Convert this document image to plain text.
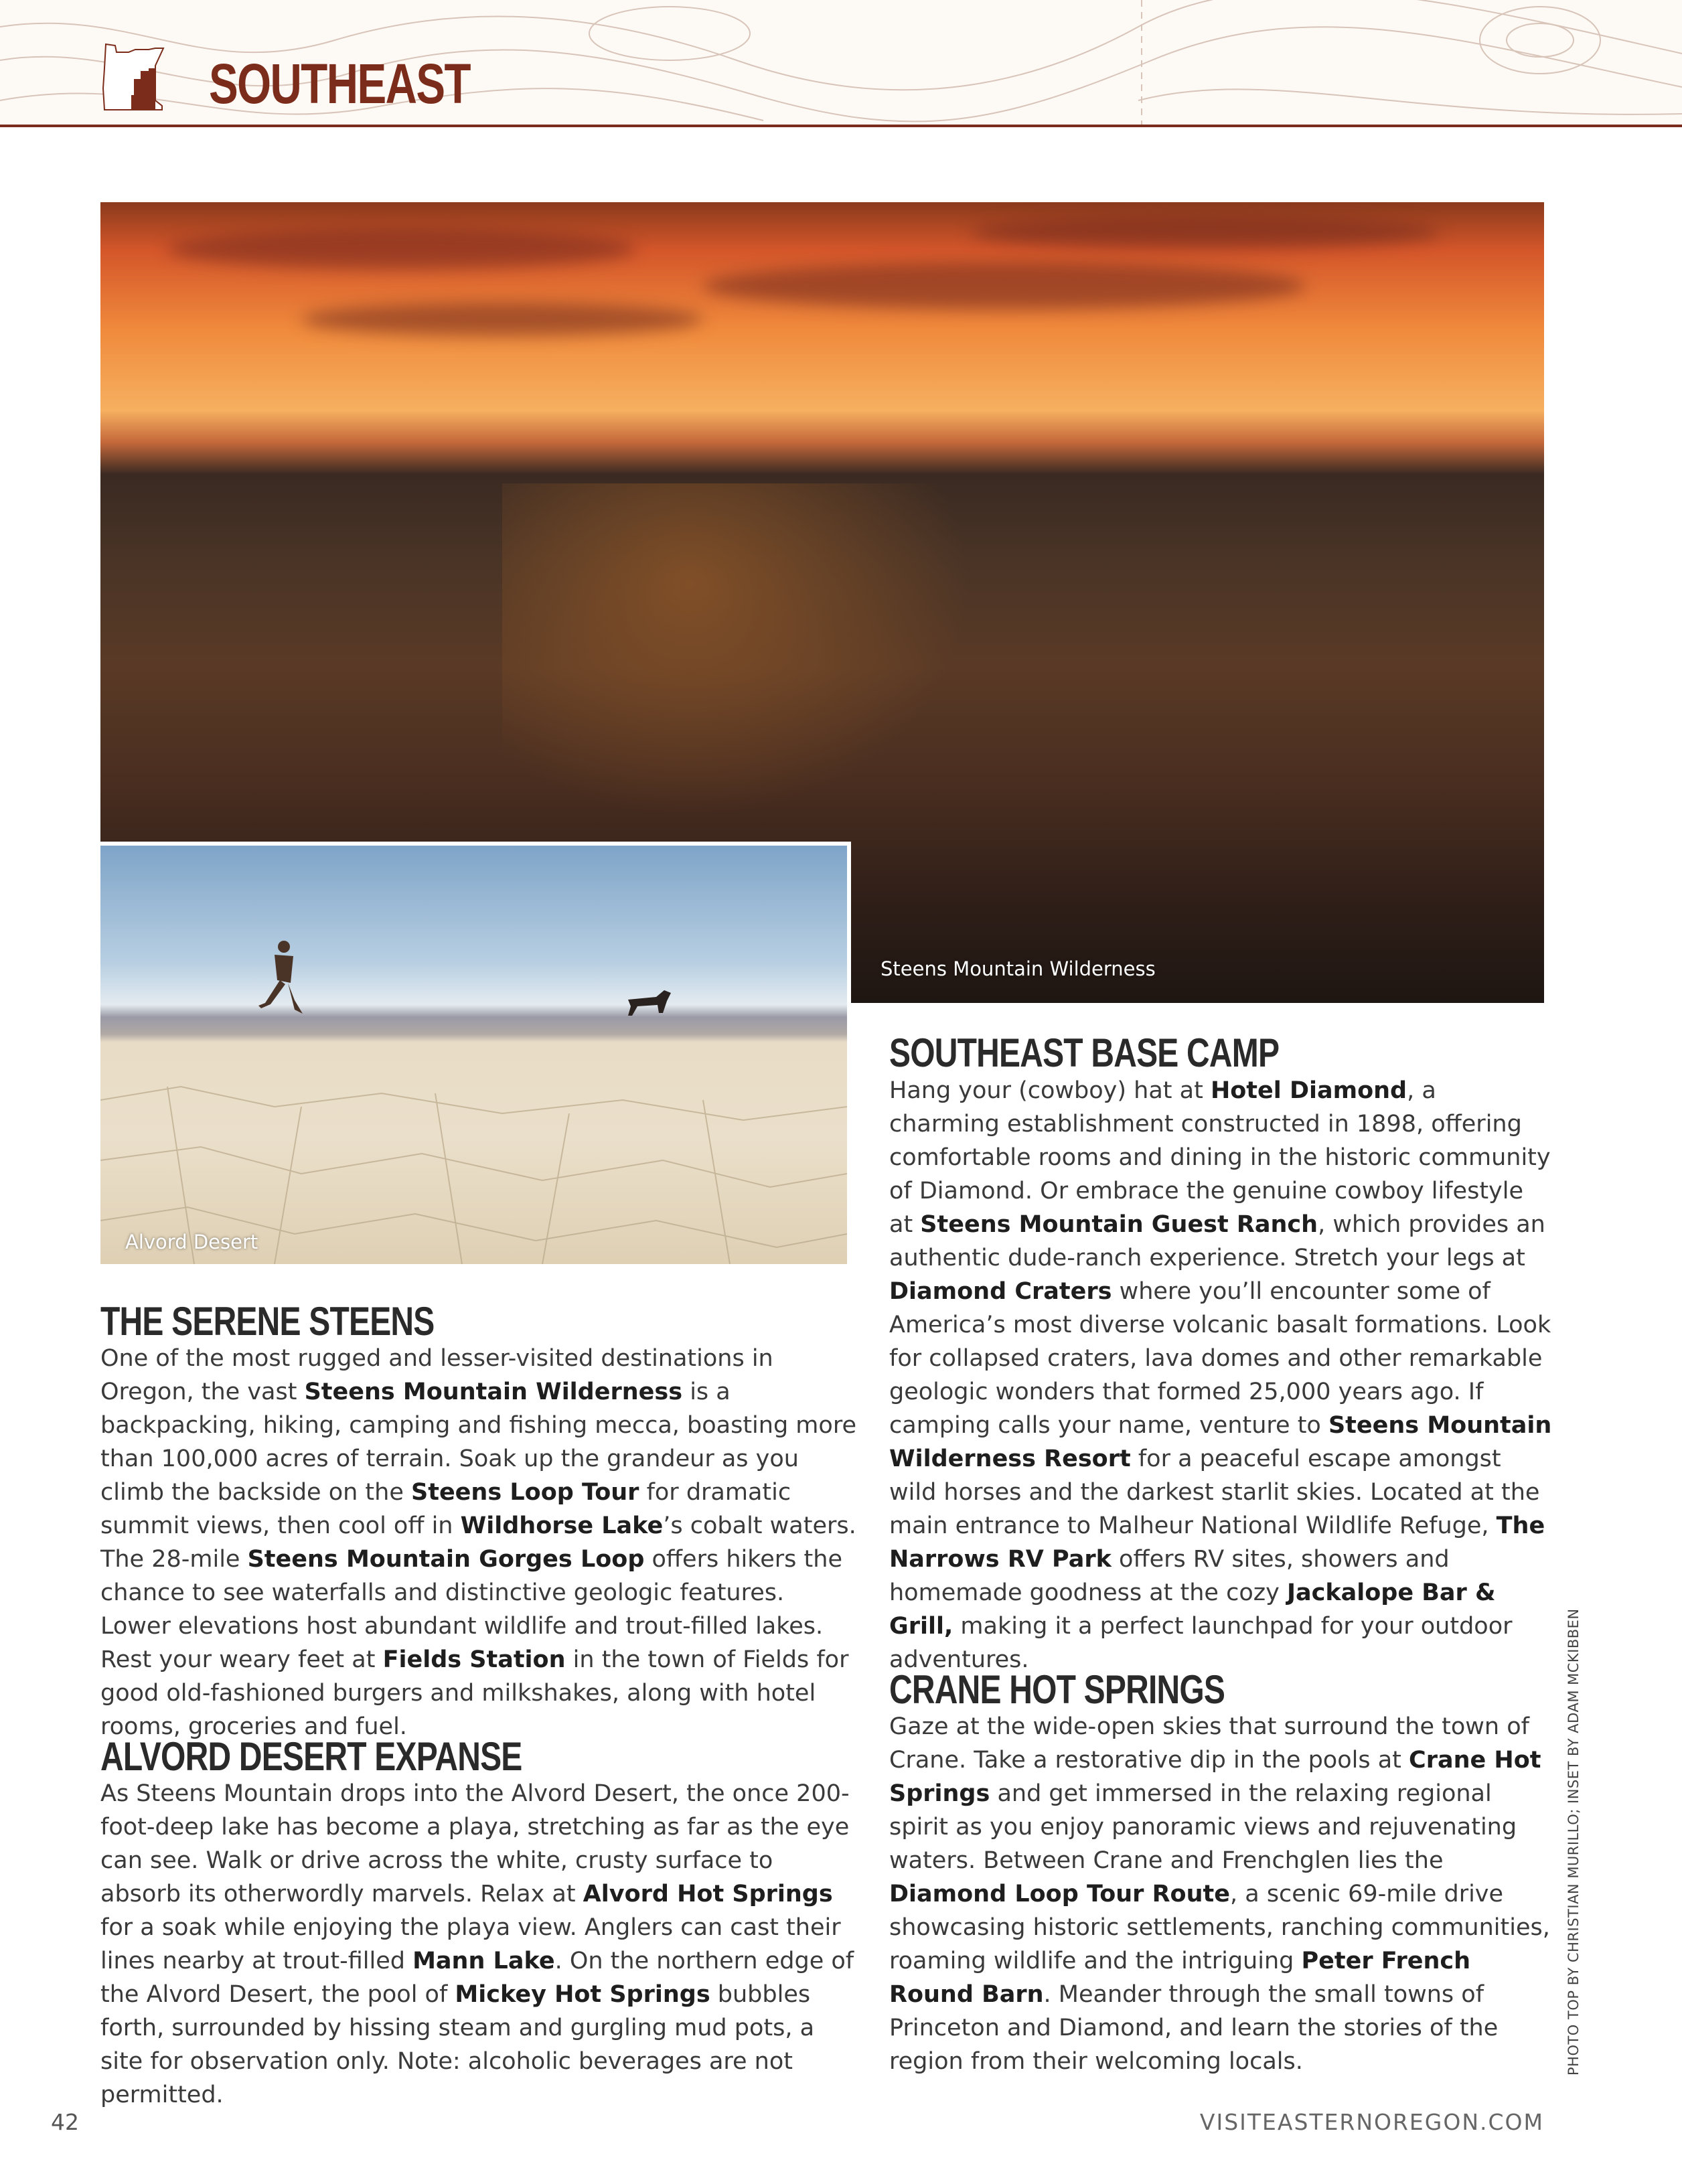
SOUTHEAST
Steens Mountain Wilderness
Alvord Desert
THE SERENE STEENS
One of the most rugged and lesser-visited destinations in Oregon, the vast Steens Mountain Wilderness is a backpacking, hiking, camping and fishing mecca, boasting more than 100,000 acres of terrain. Soak up the grandeur as you climb the backside on the Steens Loop Tour for dramatic summit views, then cool off in Wildhorse Lake’s cobalt waters. The 28-mile Steens Mountain Gorges Loop offers hikers the chance to see waterfalls and distinctive geologic features. Lower elevations host abundant wildlife and trout-filled lakes. Rest your weary feet at Fields Station in the town of Fields for good old-fashioned burgers and milkshakes, along with hotel rooms, groceries and fuel.
ALVORD DESERT EXPANSE
As Steens Mountain drops into the Alvord Desert, the once 200-foot-deep lake has become a playa, stretching as far as the eye can see. Walk or drive across the white, crusty surface to absorb its otherwordly marvels. Relax at Alvord Hot Springs for a soak while enjoying the playa view. Anglers can cast their lines nearby at trout-filled Mann Lake. On the northern edge of the Alvord Desert, the pool of Mickey Hot Springs bubbles forth, surrounded by hissing steam and gurgling mud pots, a site for observation only. Note: alcoholic beverages are not permitted.
SOUTHEAST BASE CAMP
Hang your (cowboy) hat at Hotel Diamond, a charming establishment constructed in 1898, offering comfortable rooms and dining in the historic community of Diamond. Or embrace the genuine cowboy lifestyle at Steens Mountain Guest Ranch, which provides an authentic dude-ranch experience. Stretch your legs at Diamond Craters where you’ll encounter some of America’s most diverse volcanic basalt formations. Look for collapsed craters, lava domes and other remarkable geologic wonders that formed 25,000 years ago. If camping calls your name, venture to Steens Mountain Wilderness Resort for a peaceful escape amongst wild horses and the darkest starlit skies. Located at the main entrance to Malheur National Wildlife Refuge, The Narrows RV Park offers RV sites, showers and homemade goodness at the cozy Jackalope Bar & Grill, making it a perfect launchpad for your outdoor adventures.
CRANE HOT SPRINGS
Gaze at the wide-open skies that surround the town of Crane. Take a restorative dip in the pools at Crane Hot Springs and get immersed in the relaxing regional spirit as you enjoy panoramic views and rejuvenating waters. Between Crane and Frenchglen lies the Diamond Loop Tour Route, a scenic 69-mile drive showcasing historic settlements, ranching communities, roaming wildlife and the intriguing Peter French Round Barn. Meander through the small towns of Princeton and Diamond, and learn the stories of the region from their welcoming locals.	PHOTO TOP BY CHRISTIAN MURILLO; INSET BY ADAM MCKIBBEN
42	VISITEASTERNOREGON.COM
